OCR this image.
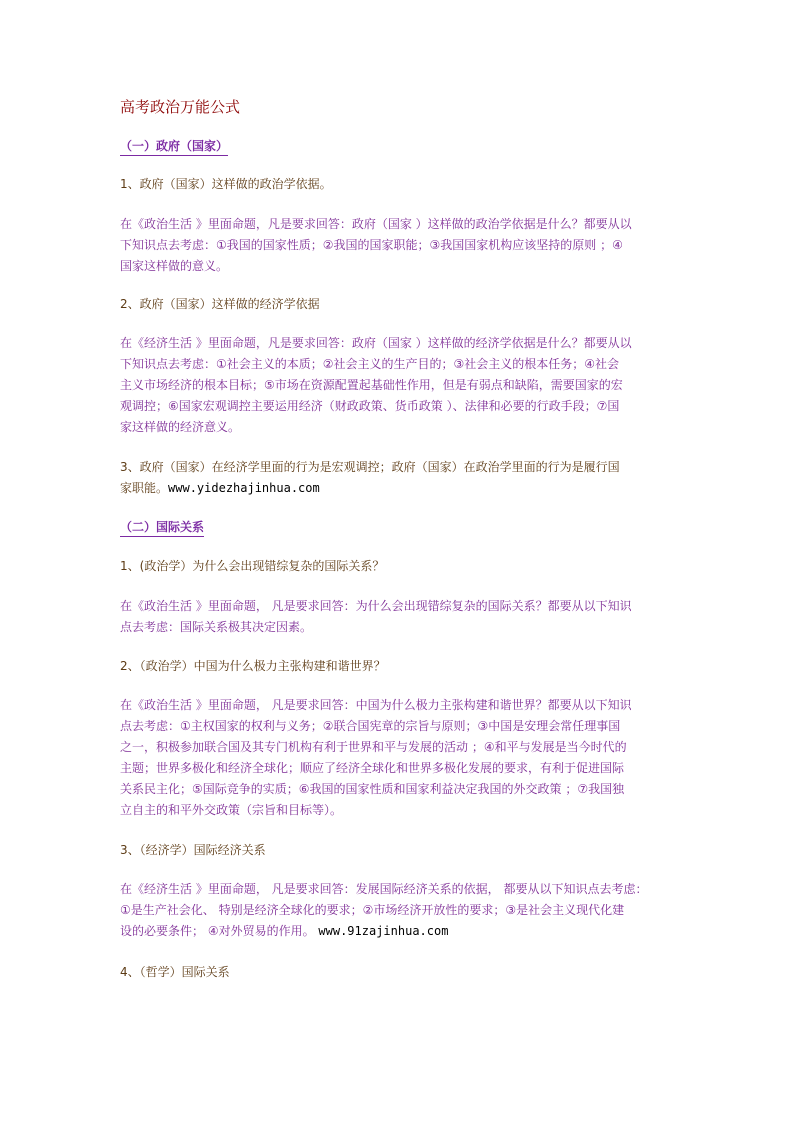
高考政治万能公式
（一）政府（国家）
1、政府（国家）这样做的政治学依据。
在《政治生活 》里面命题，凡是要求回答：政府（国家 ）这样做的政治学依据是什么？都要从以
下知识点去考虑：①我国的国家性质；②我国的国家职能；③我国国家机构应该坚持的原则 ；④
国家这样做的意义。
2、政府（国家）这样做的经济学依据
在《经济生活 》里面命题，凡是要求回答：政府（国家 ）这样做的经济学依据是什么？都要从以
下知识点去考虑：①社会主义的本质；②社会主义的生产目的；③社会主义的根本任务；④社会
主义市场经济的根本目标；⑤市场在资源配置起基础性作用，但是有弱点和缺陷，需要国家的宏
观调控；⑥国家宏观调控主要运用经济（财政政策、货币政策 ）、法律和必要的行政手段；⑦国
家这样做的经济意义。
3、政府（国家）在经济学里面的行为是宏观调控；政府（国家）在政治学里面的行为是履行国
家职能。www.yidezhajinhua.com
（二）国际关系
1、(政治学）为什么会出现错综复杂的国际关系？
在《政治生活 》里面命题， 凡是要求回答：为什么会出现错综复杂的国际关系？都要从以下知识
点去考虑：国际关系极其决定因素。
2、（政治学）中国为什么极力主张构建和谐世界？
在《政治生活 》里面命题， 凡是要求回答：中国为什么极力主张构建和谐世界？都要从以下知识
点去考虑：①主权国家的权利与义务；②联合国宪章的宗旨与原则；③中国是安理会常任理事国
之一，积极参加联合国及其专门机构有利于世界和平与发展的活动 ；④和平与发展是当今时代的
主题；世界多极化和经济全球化；顺应了经济全球化和世界多极化发展的要求，有利于促进国际
关系民主化；⑤国际竞争的实质；⑥我国的国家性质和国家利益决定我国的外交政策 ；⑦我国独
立自主的和平外交政策（宗旨和目标等）。
3、（经济学）国际经济关系
在《经济生活 》里面命题， 凡是要求回答：发展国际经济关系的依据， 都要从以下知识点去考虑：
①是生产社会化、 特别是经济全球化的要求；②市场经济开放性的要求；③是社会主义现代化建
设的必要条件； ④对外贸易的作用。 www.91zajinhua.com
4、（哲学）国际关系
